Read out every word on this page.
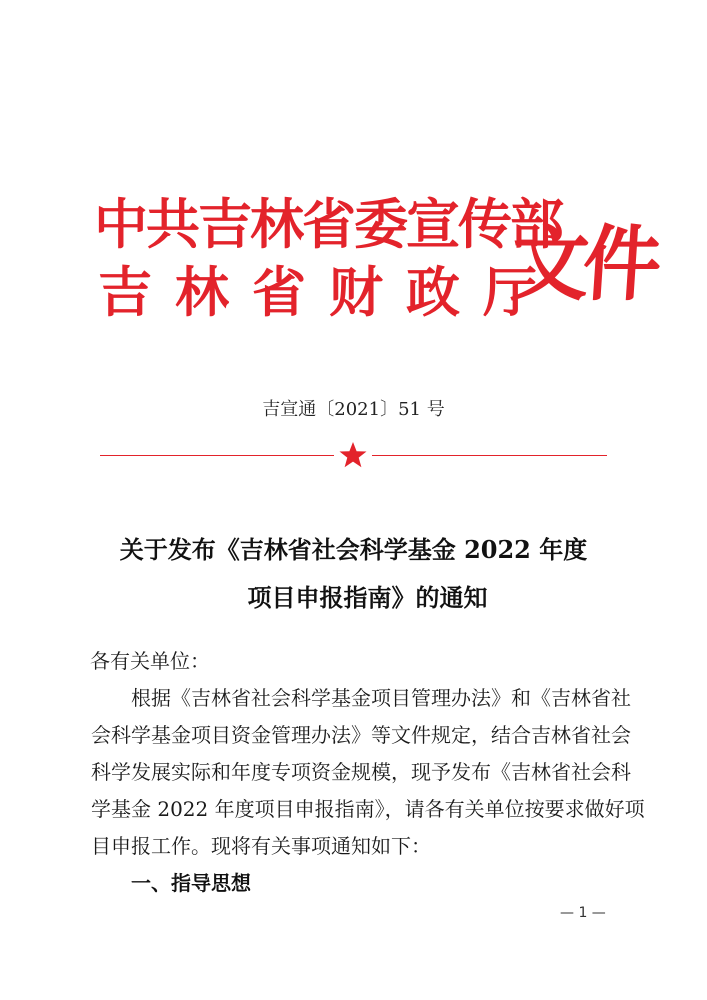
中共吉林省委宣传部
吉林省财政厅
文件
吉宣通〔2021〕51 号
关于发布《吉林省社会科学基金 2022 年度
项目申报指南》的通知
各有关单位：
根据《吉林省社会科学基金项目管理办法》和《吉林省社
会科学基金项目资金管理办法》等文件规定，结合吉林省社会
科学发展实际和年度专项资金规模，现予发布《吉林省社会科
学基金 2022 年度项目申报指南》，请各有关单位按要求做好项
目申报工作。现将有关事项通知如下：
一、指导思想
— 1 —
